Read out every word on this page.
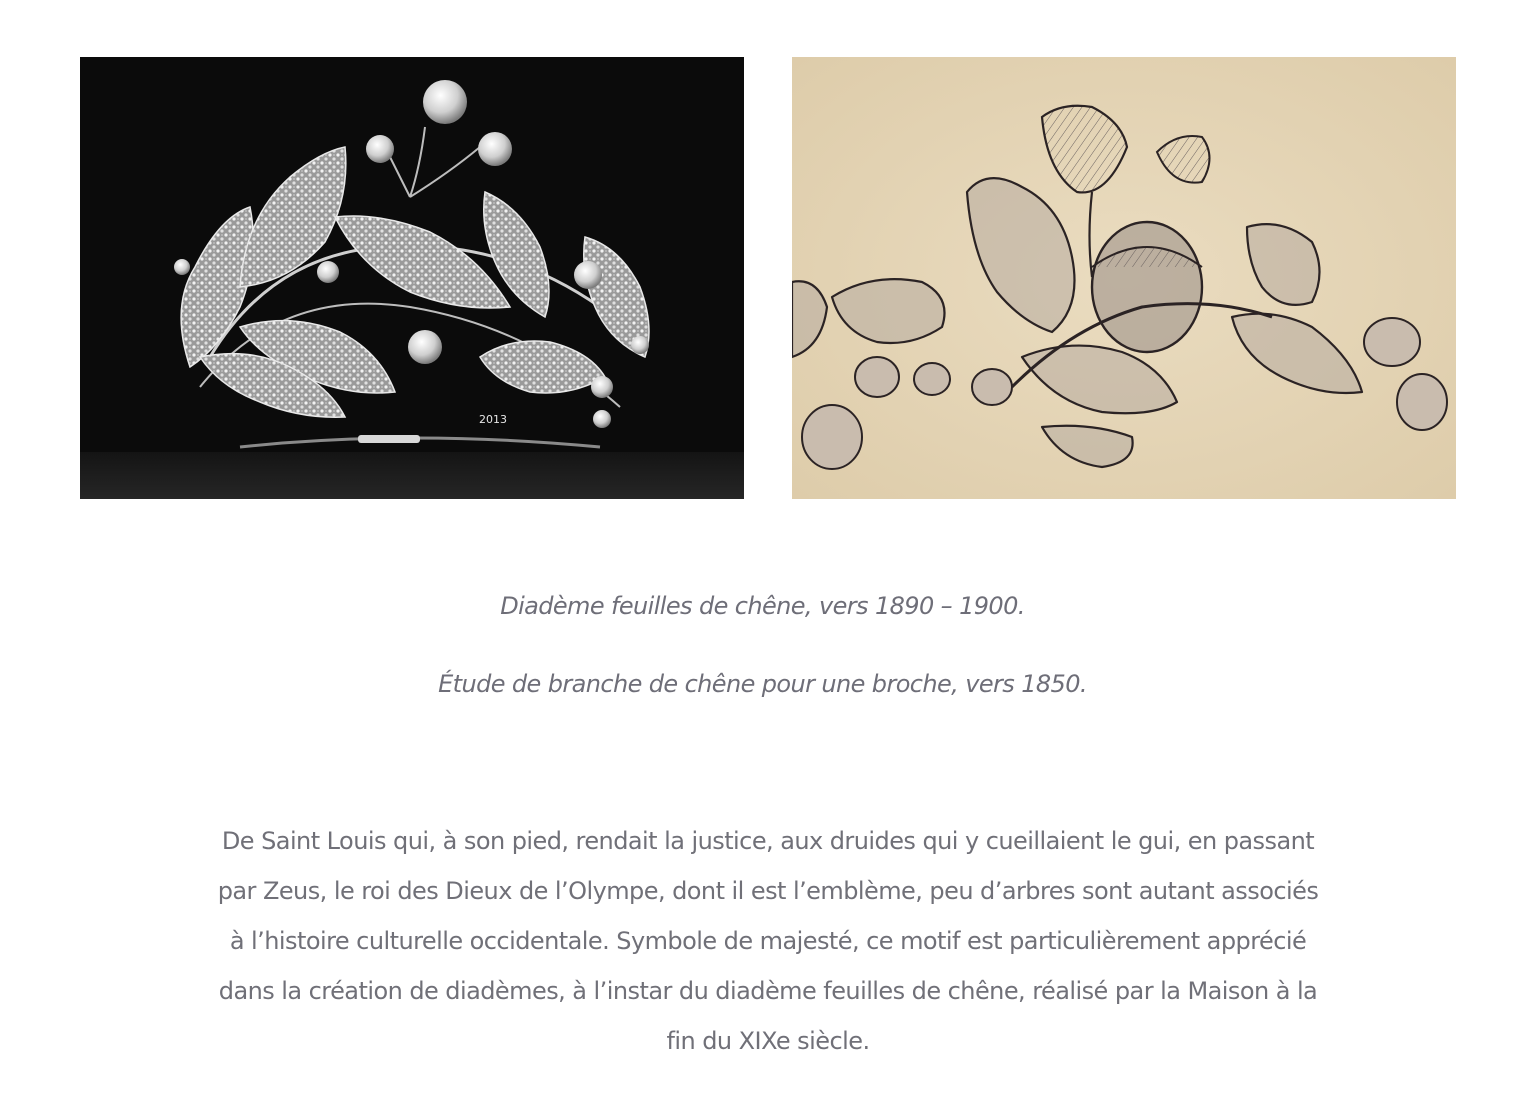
2013

Diadème feuilles de chêne, vers 1890 – 1900.

Étude de branche de chêne pour une broche, vers 1850.

De Saint Louis qui, à son pied, rendait la justice, aux druides qui y cueillaient le gui, en passant par Zeus, le roi des Dieux de l’Olympe, dont il est l’emblème, peu d’arbres sont autant associés à l’histoire culturelle occidentale. Symbole de majesté, ce motif est particulièrement apprécié dans la création de diadèmes, à l’instar du diadème feuilles de chêne, réalisé par la Maison à la fin du XIXe siècle.
